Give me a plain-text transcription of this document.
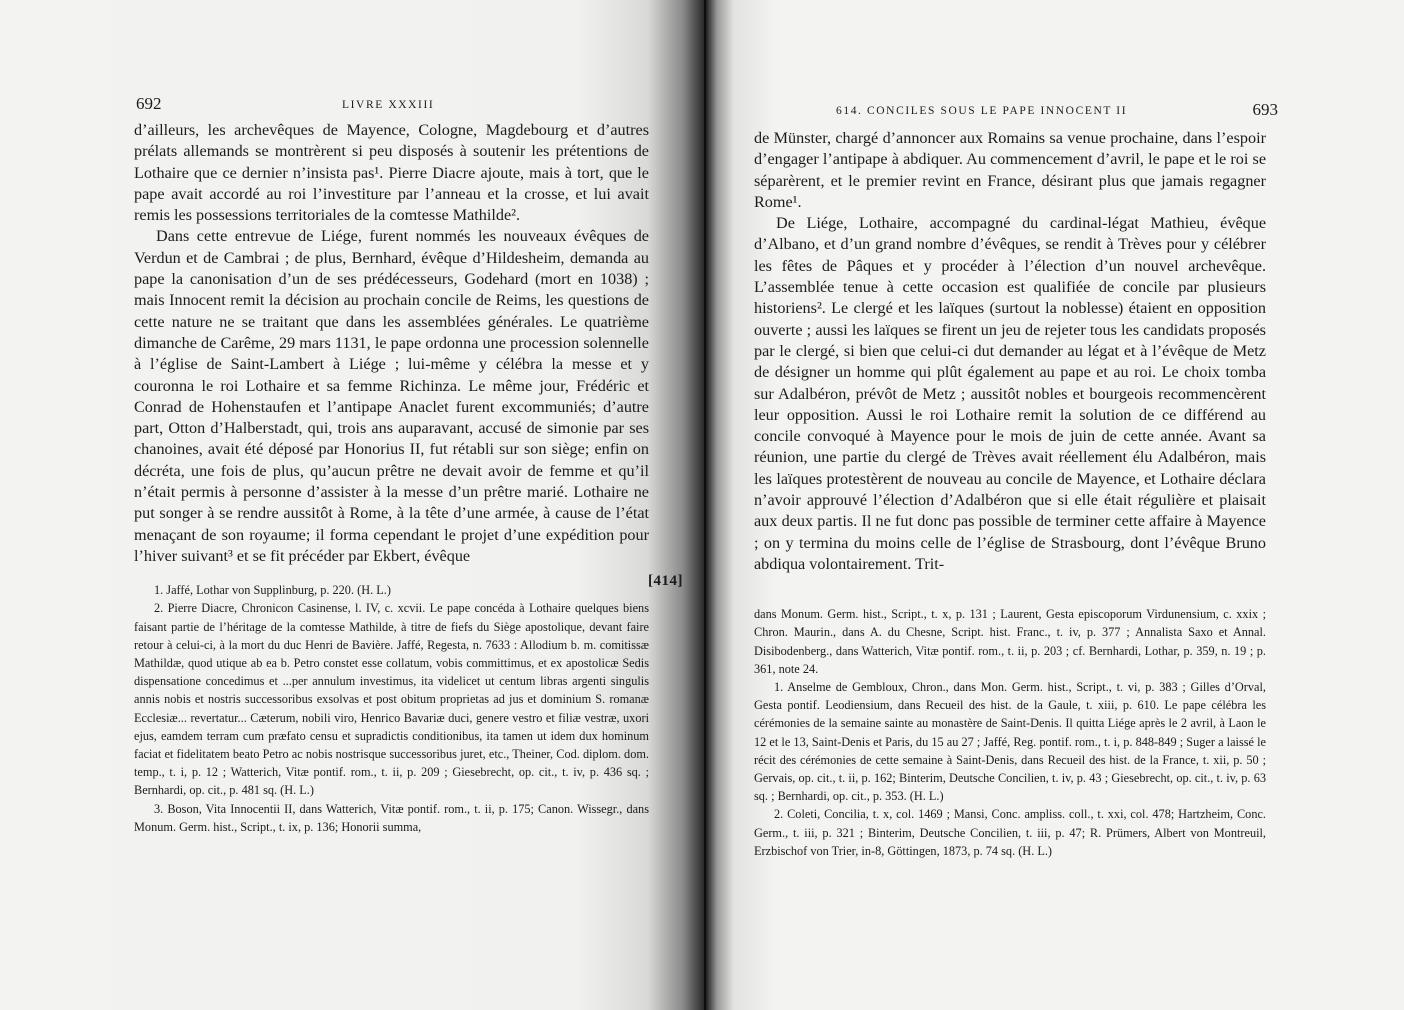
692	LIVRE XXXIII

d’ailleurs, les archevêques de Mayence, Cologne, Magdebourg et d’autres prélats allemands se montrèrent si peu disposés à soutenir les prétentions de Lothaire que ce dernier n’insista pas¹. Pierre Diacre ajoute, mais à tort, que le pape avait accordé au roi l’investiture par l’anneau et la crosse, et lui avait remis les possessions territoriales de la comtesse Mathilde².

Dans cette entrevue de Liége, furent nommés les nouveaux évêques de Verdun et de Cambrai ; de plus, Bernhard, évêque d’Hildesheim, demanda au pape la canonisation d’un de ses prédécesseurs, Godehard (mort en 1038) ; mais Innocent remit la décision au prochain concile de Reims, les questions de cette nature ne se traitant que dans les assemblées générales. Le quatrième dimanche de Carême, 29 mars 1131, le pape ordonna une procession solennelle à l’église de Saint-Lambert à Liége ; lui-même y célébra la messe et y couronna le roi Lothaire et sa femme Richinza. Le même jour, Frédéric et Conrad de Hohenstaufen et l’antipape Anaclet furent excommuniés; d’autre part, Otton d’Halberstadt, qui, trois ans auparavant, accusé de simonie par ses chanoines, avait été déposé par Honorius II, fut rétabli sur son siège; enfin on décréta, une fois de plus, qu’aucun prêtre ne devait avoir de femme et qu’il n’était permis à personne d’assister à la messe d’un prêtre marié. Lothaire ne put songer à se rendre aussitôt à Rome, à la tête d’une armée, à cause de l’état menaçant de son royaume; il forma cependant le projet d’une expédition pour l’hiver suivant³ et se fit précéder par Ekbert, évêque

1. Jaffé, Lothar von Supplinburg, p. 220. (H. L.)

2. Pierre Diacre, Chronicon Casinense, l. IV, c. xcvii. Le pape concéda à Lothaire quelques biens faisant partie de l’héritage de la comtesse Mathilde, à titre de fiefs du Siège apostolique, devant faire retour à celui-ci, à la mort du duc Henri de Bavière. Jaffé, Regesta, n. 7633 : Allodium b. m. comitissæ Mathildæ, quod utique ab ea b. Petro constet esse collatum, vobis committimus, et ex apostolicæ Sedis dispensatione concedimus et ...per annulum investimus, ita videlicet ut centum libras argenti singulis annis nobis et nostris successoribus exsolvas et post obitum proprietas ad jus et dominium S. romanæ Ecclesiæ... revertatur... Cæterum, nobili viro, Henrico Bavariæ duci, genere vestro et filiæ vestræ, uxori ejus, eamdem terram cum præfato censu et supradictis conditionibus, ita tamen ut idem dux hominum faciat et fidelitatem beato Petro ac nobis nostrisque successoribus juret, etc., Theiner, Cod. diplom. dom. temp., t. i, p. 12 ; Watterich, Vitæ pontif. rom., t. ii, p. 209 ; Giesebrecht, op. cit., t. iv, p. 436 sq. ; Bernhardi, op. cit., p. 481 sq. (H. L.)

3. Boson, Vita Innocentii II, dans Watterich, Vitæ pontif. rom., t. ii, p. 175; Canon. Wissegr., dans Monum. Germ. hist., Script., t. ix, p. 136; Honorii summa,

[414]
614. CONCILES SOUS LE PAPE INNOCENT II	693

de Münster, chargé d’annoncer aux Romains sa venue prochaine, dans l’espoir d’engager l’antipape à abdiquer. Au commencement d’avril, le pape et le roi se séparèrent, et le premier revint en France, désirant plus que jamais regagner Rome¹.

De Liége, Lothaire, accompagné du cardinal-légat Mathieu, évêque d’Albano, et d’un grand nombre d’évêques, se rendit à Trèves pour y célébrer les fêtes de Pâques et y procéder à l’élection d’un nouvel archevêque. L’assemblée tenue à cette occasion est qualifiée de concile par plusieurs historiens². Le clergé et les laïques (surtout la noblesse) étaient en opposition ouverte ; aussi les laïques se firent un jeu de rejeter tous les candidats proposés par le clergé, si bien que celui-ci dut demander au légat et à l’évêque de Metz de désigner un homme qui plût également au pape et au roi. Le choix tomba sur Adalbéron, prévôt de Metz ; aussitôt nobles et bourgeois recommencèrent leur opposition. Aussi le roi Lothaire remit la solution de ce différend au concile convoqué à Mayence pour le mois de juin de cette année. Avant sa réunion, une partie du clergé de Trèves avait réellement élu Adalbéron, mais les laïques protestèrent de nouveau au concile de Mayence, et Lothaire déclara n’avoir approuvé l’élection d’Adalbéron que si elle était régulière et plaisait aux deux partis. Il ne fut donc pas possible de terminer cette affaire à Mayence ; on y termina du moins celle de l’église de Strasbourg, dont l’évêque Bruno abdiqua volontairement. Trit-

dans Monum. Germ. hist., Script., t. x, p. 131 ; Laurent, Gesta episcoporum Virdunensium, c. xxix ; Chron. Maurin., dans A. du Chesne, Script. hist. Franc., t. iv, p. 377 ; Annalista Saxo et Annal. Disibodenberg., dans Watterich, Vitæ pontif. rom., t. ii, p. 203 ; cf. Bernhardi, Lothar, p. 359, n. 19 ; p. 361, note 24.

1. Anselme de Gembloux, Chron., dans Mon. Germ. hist., Script., t. vi, p. 383 ; Gilles d’Orval, Gesta pontif. Leodiensium, dans Recueil des hist. de la Gaule, t. xiii, p. 610. Le pape célébra les cérémonies de la semaine sainte au monastère de Saint-Denis. Il quitta Liége après le 2 avril, à Laon le 12 et le 13, Saint-Denis et Paris, du 15 au 27 ; Jaffé, Reg. pontif. rom., t. i, p. 848-849 ; Suger a laissé le récit des cérémonies de cette semaine à Saint-Denis, dans Recueil des hist. de la France, t. xii, p. 50 ; Gervais, op. cit., t. ii, p. 162; Binterim, Deutsche Concilien, t. iv, p. 43 ; Giesebrecht, op. cit., t. iv, p. 63 sq. ; Bernhardi, op. cit., p. 353. (H. L.)

2. Coleti, Concilia, t. x, col. 1469 ; Mansi, Conc. ampliss. coll., t. xxi, col. 478; Hartzheim, Conc. Germ., t. iii, p. 321 ; Binterim, Deutsche Concilien, t. iii, p. 47; R. Prümers, Albert von Montreuil, Erzbischof von Trier, in-8, Göttingen, 1873, p. 74 sq. (H. L.)
